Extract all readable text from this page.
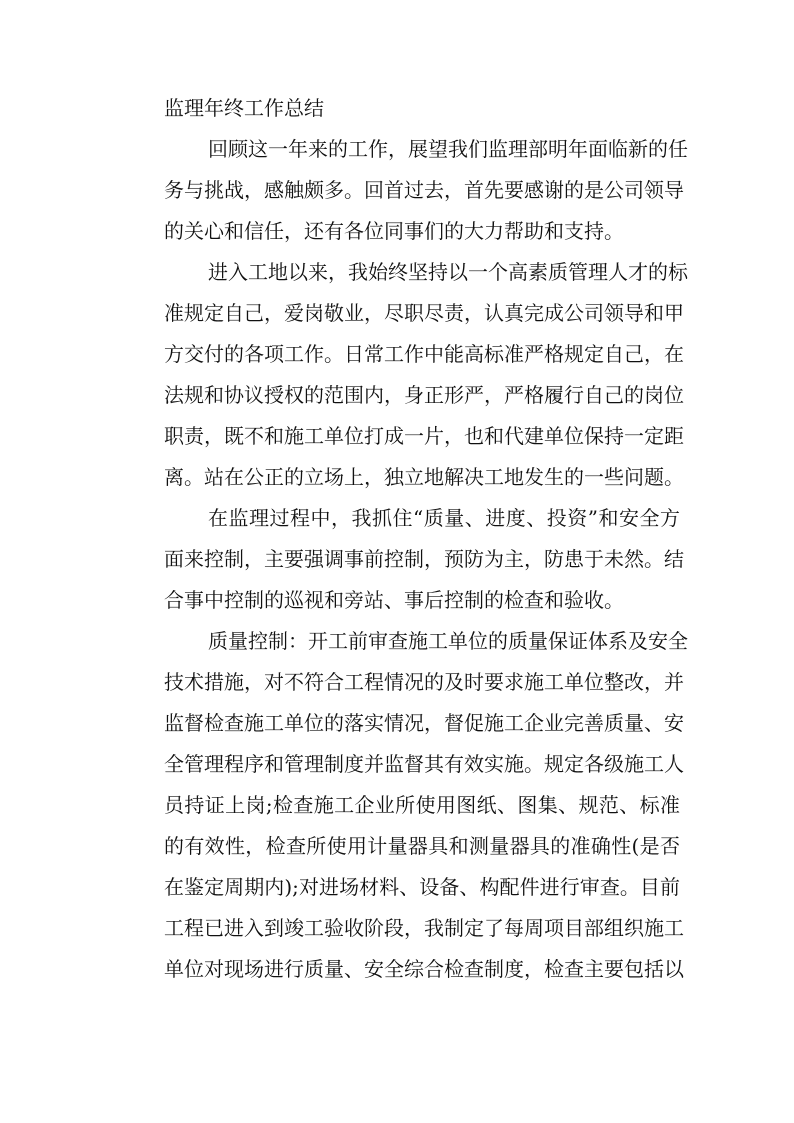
监理年终工作总结
回顾这一年来的工作，展望我们监理部明年面临新的任
务与挑战，感触颇多。回首过去，首先要感谢的是公司领导
的关心和信任，还有各位同事们的大力帮助和支持。
进入工地以来，我始终坚持以一个高素质管理人才的标
准规定自己，爱岗敬业，尽职尽责，认真完成公司领导和甲
方交付的各项工作。日常工作中能高标准严格规定自己，在
法规和协议授权的范围内，身正形严，严格履行自己的岗位
职责，既不和施工单位打成一片，也和代建单位保持一定距
离。站在公正的立场上，独立地解决工地发生的一些问题。
在监理过程中，我抓住“质量、进度、投资”和安全方
面来控制，主要强调事前控制，预防为主，防患于未然。结
合事中控制的巡视和旁站、事后控制的检查和验收。
质量控制：开工前审查施工单位的质量保证体系及安全
技术措施，对不符合工程情况的及时要求施工单位整改，并
监督检查施工单位的落实情况，督促施工企业完善质量、安
全管理程序和管理制度并监督其有效实施。规定各级施工人
员持证上岗;检查施工企业所使用图纸、图集、规范、标准
的有效性，检查所使用计量器具和测量器具的准确性(是否
在鉴定周期内);对进场材料、设备、构配件进行审查。目前
工程已进入到竣工验收阶段，我制定了每周项目部组织施工
单位对现场进行质量、安全综合检查制度，检查主要包括以
